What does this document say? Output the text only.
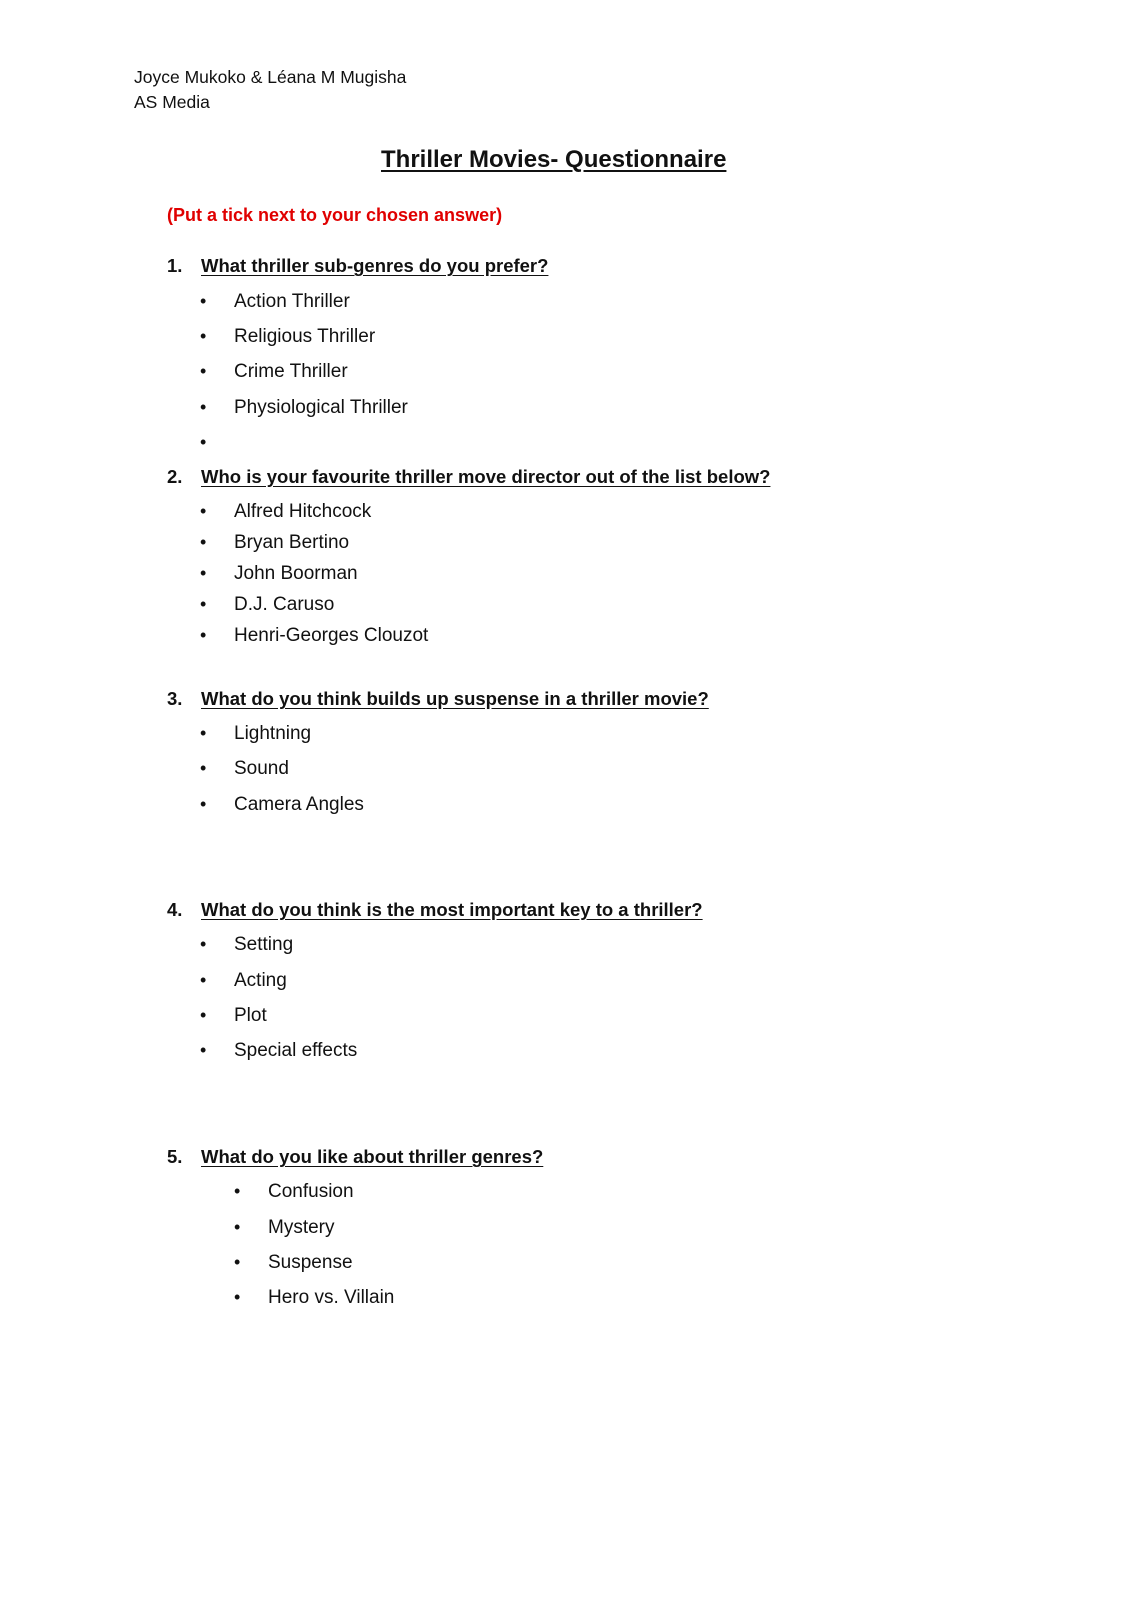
Joyce Mukoko & Léana M Mugisha
AS Media
Thriller Movies- Questionnaire
(Put a tick next to your chosen answer)
1. What thriller sub-genres do you prefer?
• Action Thriller
• Religious Thriller
• Crime Thriller
• Physiological Thriller
•
2. Who is your favourite thriller move director out of the list below?
• Alfred Hitchcock
• Bryan Bertino
• John Boorman
• D.J. Caruso
• Henri-Georges Clouzot
3. What do you think builds up suspense in a thriller movie?
• Lightning
• Sound
• Camera Angles
4. What do you think is the most important key to a thriller?
• Setting
• Acting
• Plot
• Special effects
5. What do you like about thriller genres?
• Confusion
• Mystery
• Suspense
• Hero vs. Villain
